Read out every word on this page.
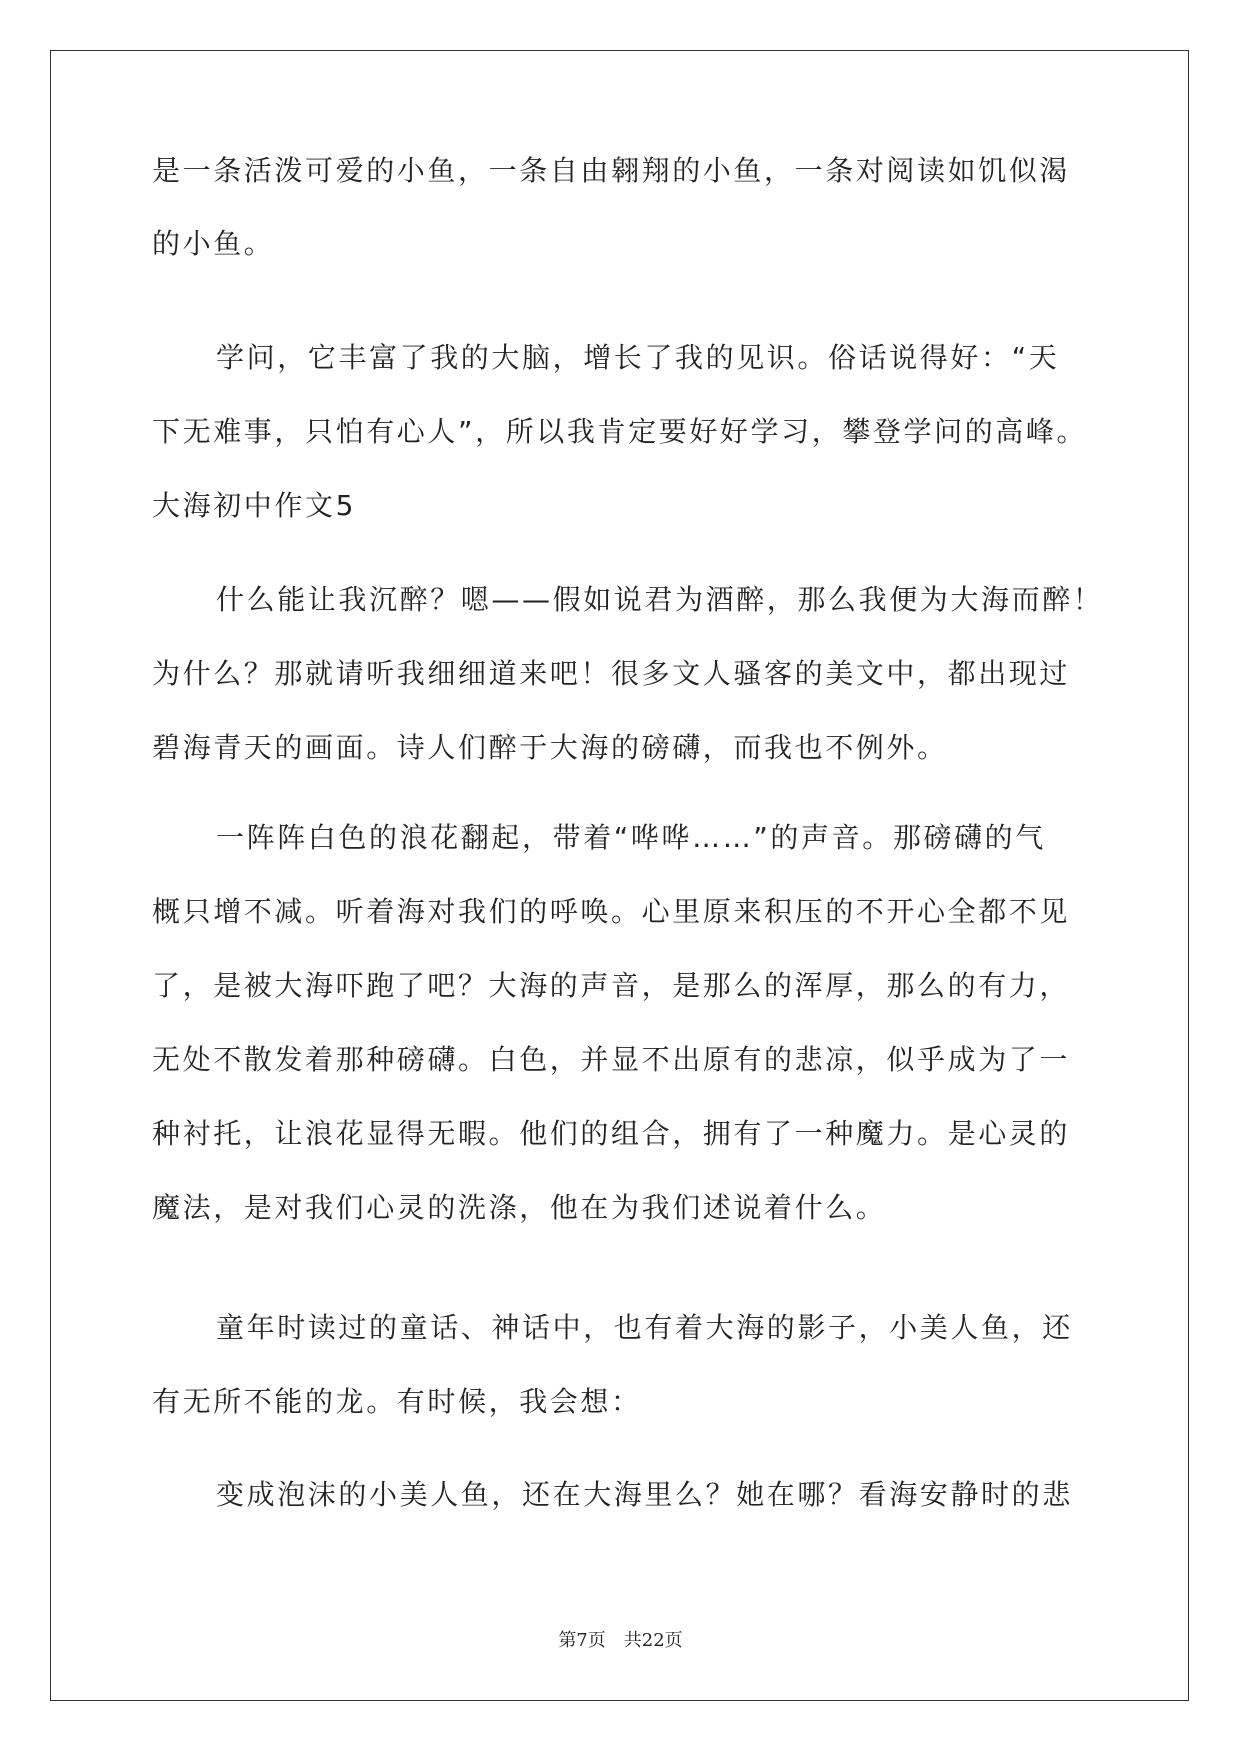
是一条活泼可爱的小鱼，一条自由翱翔的小鱼，一条对阅读如饥似渴
的小鱼。
学问，它丰富了我的大脑，增长了我的见识。俗话说得好：“天
下无难事，只怕有心人”，所以我肯定要好好学习，攀登学问的高峰。
大海初中作文5
什么能让我沉醉？嗯——假如说君为酒醉，那么我便为大海而醉！
为什么？那就请听我细细道来吧！很多文人骚客的美文中，都出现过
碧海青天的画面。诗人们醉于大海的磅礴，而我也不例外。
一阵阵白色的浪花翻起，带着“哗哗……”的声音。那磅礴的气
概只增不减。听着海对我们的呼唤。心里原来积压的不开心全都不见
了，是被大海吓跑了吧？大海的声音，是那么的浑厚，那么的有力，
无处不散发着那种磅礴。白色，并显不出原有的悲凉，似乎成为了一
种衬托，让浪花显得无暇。他们的组合，拥有了一种魔力。是心灵的
魔法，是对我们心灵的洗涤，他在为我们述说着什么。
童年时读过的童话、神话中，也有着大海的影子，小美人鱼，还
有无所不能的龙。有时候，我会想：
变成泡沫的小美人鱼，还在大海里么？她在哪？看海安静时的悲
第7页 共22页
